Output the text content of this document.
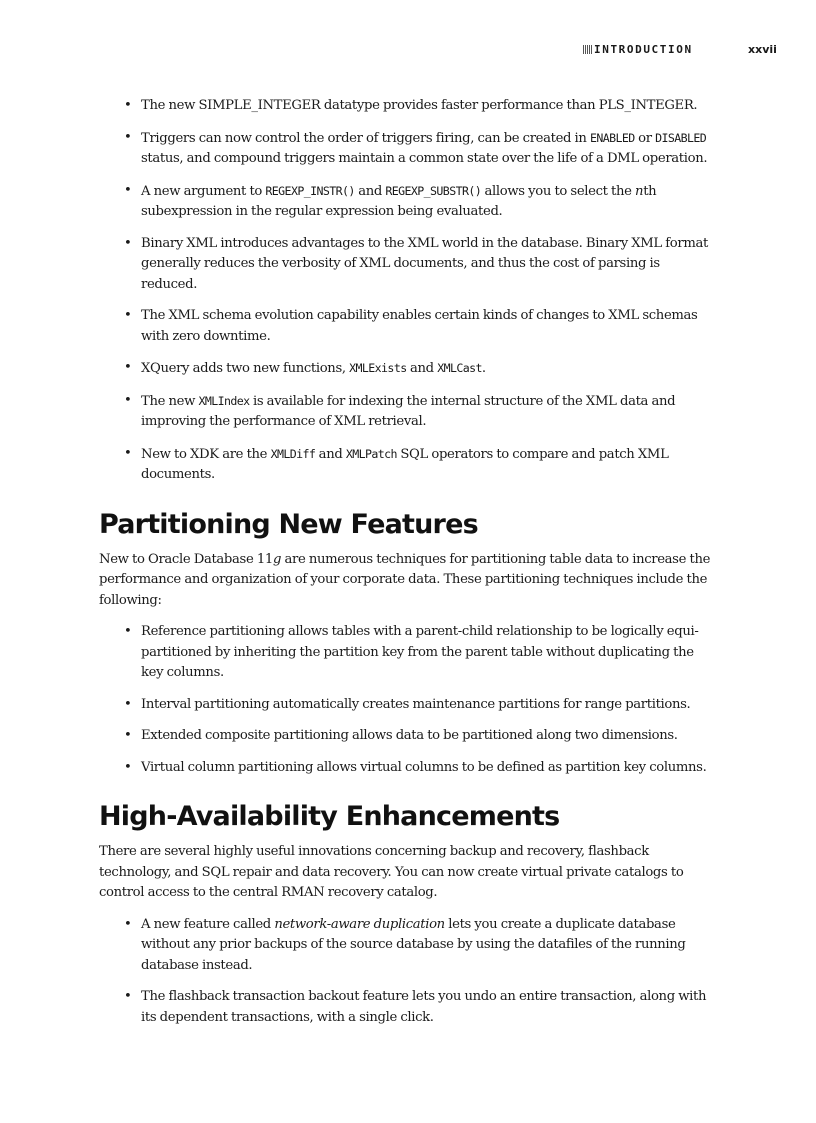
INTRODUCTION	xxvii
• The new SIMPLE_INTEGER datatype provides faster performance than PLS_INTEGER.
• Triggers can now control the order of triggers firing, can be created in ENABLED or DISABLED status, and compound triggers maintain a common state over the life of a DML operation.
• A new argument to REGEXP_INSTR() and REGEXP_SUBSTR() allows you to select the nth subexpression in the regular expression being evaluated.
• Binary XML introduces advantages to the XML world in the database. Binary XML format generally reduces the verbosity of XML documents, and thus the cost of parsing is reduced.
• The XML schema evolution capability enables certain kinds of changes to XML schemas with zero downtime.
• XQuery adds two new functions, XMLExists and XMLCast.
• The new XMLIndex is available for indexing the internal structure of the XML data and improving the performance of XML retrieval.
• New to XDK are the XMLDiff and XMLPatch SQL operators to compare and patch XML documents.
Partitioning New Features

New to Oracle Database 11g are numerous techniques for partitioning table data to increase the performance and organization of your corporate data. These partitioning techniques include the following:

• Reference partitioning allows tables with a parent-child relationship to be logically equi-partitioned by inheriting the partition key from the parent table without duplicating the key columns.
• Interval partitioning automatically creates maintenance partitions for range partitions.
• Extended composite partitioning allows data to be partitioned along two dimensions.
• Virtual column partitioning allows virtual columns to be defined as partition key columns.
High-Availability Enhancements

There are several highly useful innovations concerning backup and recovery, flashback technology, and SQL repair and data recovery. You can now create virtual private catalogs to control access to the central RMAN recovery catalog.

• A new feature called network-aware duplication lets you create a duplicate database without any prior backups of the source database by using the datafiles of the running database instead.
• The flashback transaction backout feature lets you undo an entire transaction, along with its dependent transactions, with a single click.
